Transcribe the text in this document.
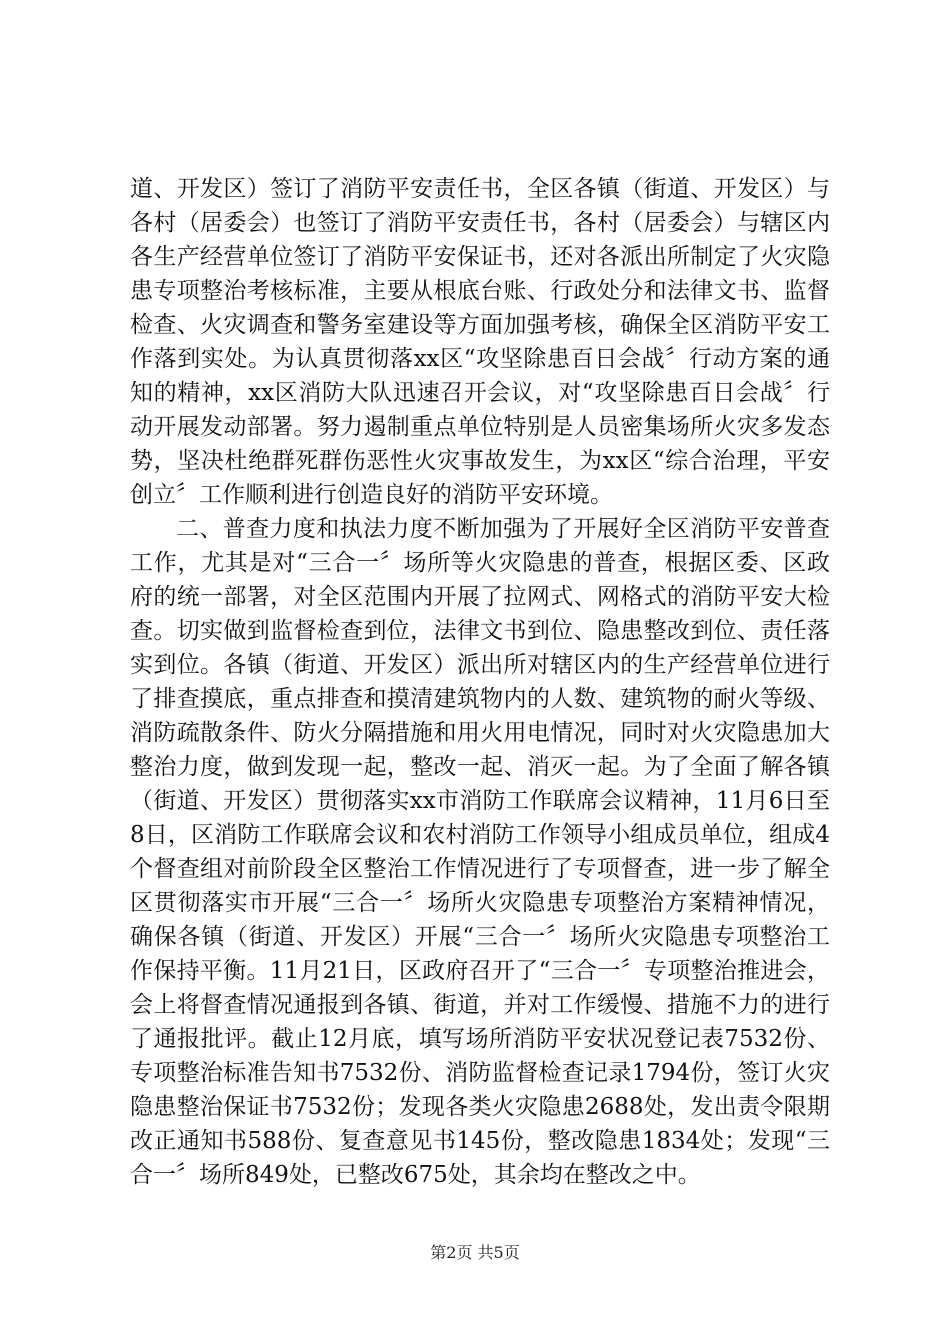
道、开发区）签订了消防平安责任书，全区各镇（街道、开发区）与各村（居委会）也签订了消防平安责任书，各村（居委会）与辖区内各生产经营单位签订了消防平安保证书，还对各派出所制定了火灾隐患专项整治考核标准，主要从根底台账、行政处分和法律文书、监督检查、火灾调查和警务室建设等方面加强考核，确保全区消防平安工作落到实处。为认真贯彻落xx区“攻坚除患百日会战〞行动方案的通知的精神，xx区消防大队迅速召开会议，对“攻坚除患百日会战〞行动开展发动部署。努力遏制重点单位特别是人员密集场所火灾多发态势，坚决杜绝群死群伤恶性火灾事故发生，为xx区“综合治理，平安创立〞工作顺利进行创造良好的消防平安环境。

二、普查力度和执法力度不断加强为了开展好全区消防平安普查工作，尤其是对“三合一〞场所等火灾隐患的普查，根据区委、区政府的统一部署，对全区范围内开展了拉网式、网格式的消防平安大检查。切实做到监督检查到位，法律文书到位、隐患整改到位、责任落实到位。各镇（街道、开发区）派出所对辖区内的生产经营单位进行了排查摸底，重点排查和摸清建筑物内的人数、建筑物的耐火等级、消防疏散条件、防火分隔措施和用火用电情况，同时对火灾隐患加大整治力度，做到发现一起，整改一起、消灭一起。为了全面了解各镇（街道、开发区）贯彻落实xx市消防工作联席会议精神，11月6日至8日，区消防工作联席会议和农村消防工作领导小组成员单位，组成4个督查组对前阶段全区整治工作情况进行了专项督查，进一步了解全区贯彻落实市开展“三合一〞场所火灾隐患专项整治方案精神情况，确保各镇（街道、开发区）开展“三合一〞场所火灾隐患专项整治工作保持平衡。11月21日，区政府召开了“三合一〞专项整治推进会，会上将督查情况通报到各镇、街道，并对工作缓慢、措施不力的进行了通报批评。截止12月底，填写场所消防平安状况登记表7532份、专项整治标准告知书7532份、消防监督检查记录1794份，签订火灾隐患整治保证书7532份；发现各类火灾隐患2688处，发出责令限期改正通知书588份、复查意见书145份，整改隐患1834处；发现“三合一〞场所849处，已整改675处，其余均在整改之中。

第2页 共5页
